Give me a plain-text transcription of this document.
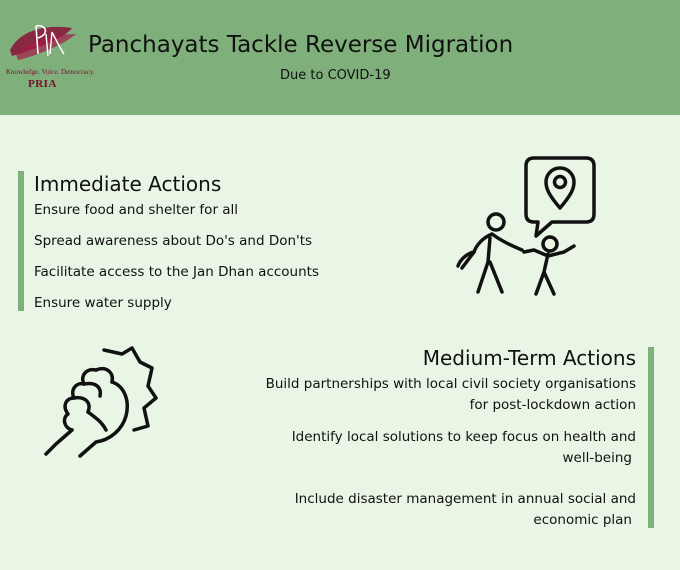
Knowledge. Voice. Democracy.
PRIA
Panchayats Tackle Reverse Migration
Due to COVID-19
Immediate Actions
Ensure food and shelter for all
Spread awareness about Do's and Don'ts
Facilitate access to the Jan Dhan accounts
Ensure water supply
Medium-Term Actions
Build partnerships with local civil society organisations
for post-lockdown action
Identify local solutions to keep focus on health and
well-being
Include disaster management in annual social and
economic plan
